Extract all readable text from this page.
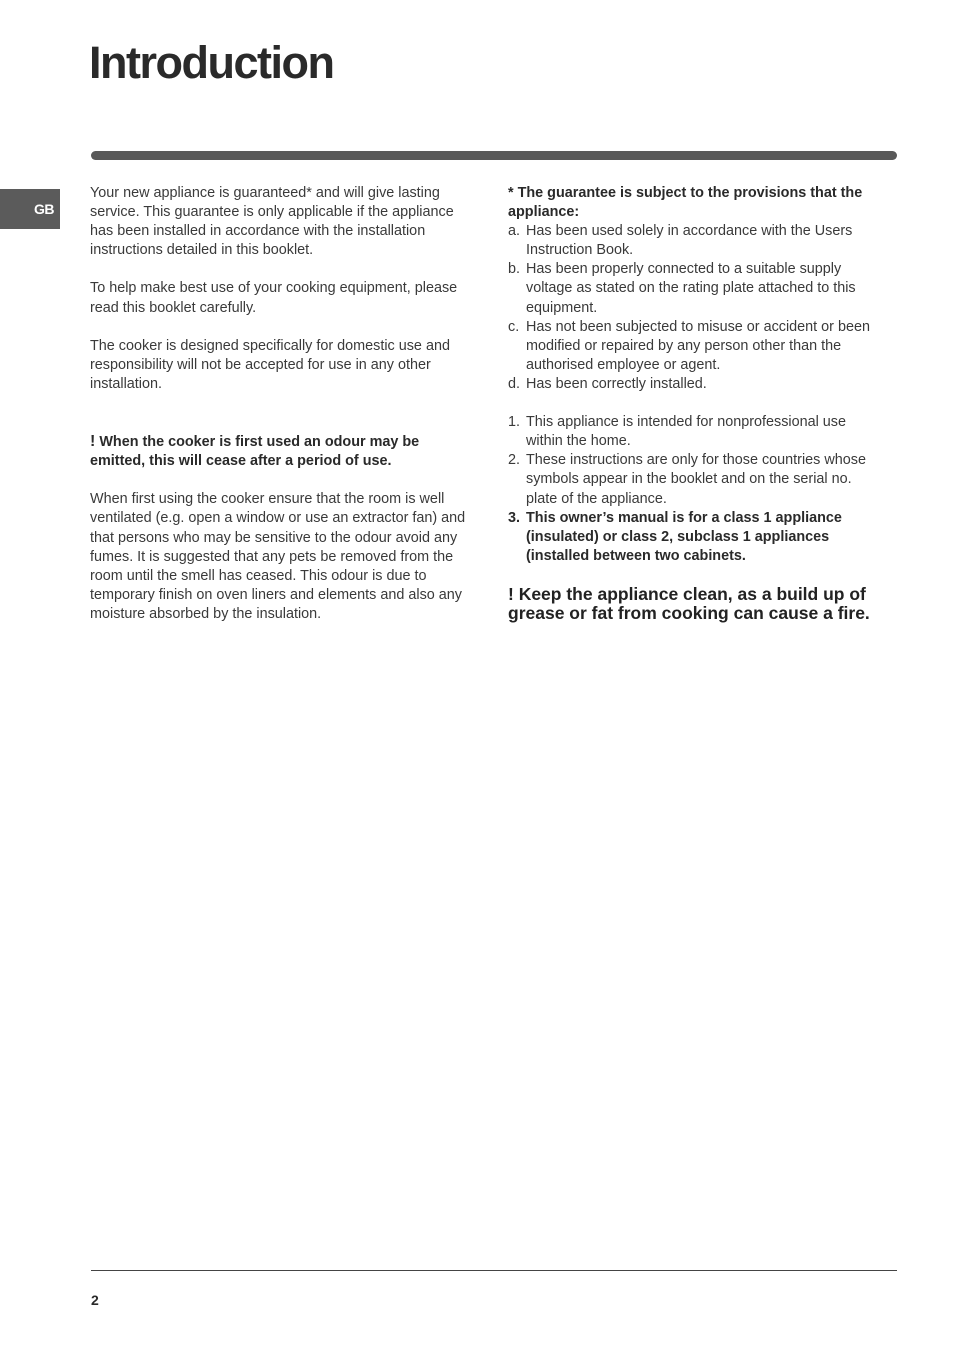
Introduction
GB

Your new appliance is guaranteed* and will give lasting service. This guarantee is only applicable if the appliance has been installed in accordance with the installation instructions detailed in this booklet.

To help make best use of your cooking equipment, please read this booklet carefully.

The cooker is designed specifically for domestic use and responsibility will not be accepted for use in any other installation.

! When the cooker is first used an odour may be emitted, this will cease after a period of use.

When first using the cooker ensure that the room is well ventilated (e.g. open a window or use an extractor fan) and that persons who may be sensitive to the odour avoid any fumes. It is suggested that any pets be removed from the room until the smell has ceased. This odour is due to temporary finish on oven liners and elements and also any moisture absorbed by the insulation.

* The guarantee is subject to the provisions that the appliance:

a. Has been used solely in accordance with the Users Instruction Book.
b. Has been properly connected to a suitable supply voltage as stated on the rating plate attached to this equipment.
c. Has not been subjected to misuse or accident or been modified or repaired by any person other than the authorised employee or agent.
d. Has been correctly installed.
1. This appliance is intended for nonprofessional use within the home.
2. These instructions are only for those countries whose symbols appear in the booklet and on the serial no. plate of the appliance.
3. This owner’s manual is for a class 1 appliance (insulated) or class 2, subclass 1 appliances (installed between two cabinets.

! Keep the appliance clean, as a build up of grease or fat from cooking can cause a fire.

2
